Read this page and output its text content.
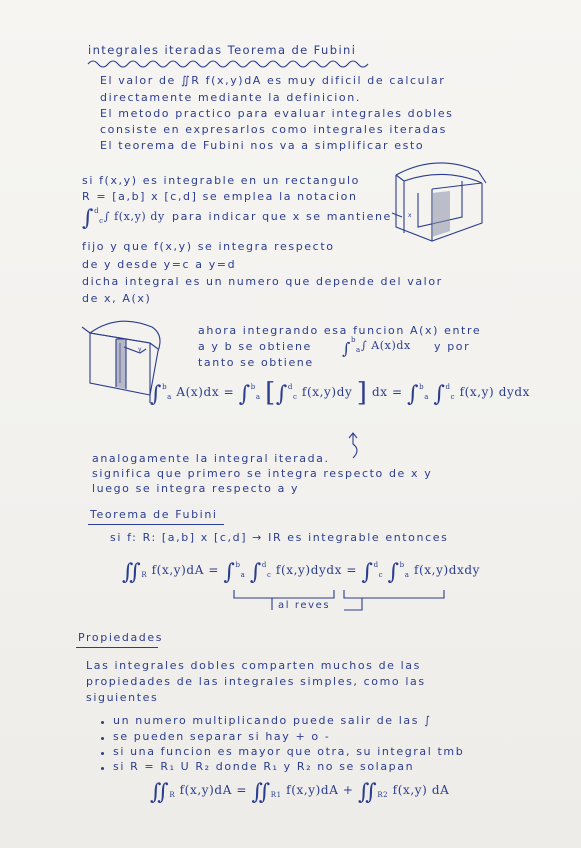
integrales iteradas Teorema de Fubini
El valor de ∬R f(x,y)dA es muy dificil de calcular
directamente mediante la definicion.
El metodo practico para evaluar integrales dobles
consiste en expresarlos como integrales iteradas
El teorema de Fubini nos va a simplificar esto
si f(x,y) es integrable en un rectangulo
R = [a,b] x [c,d] se emplea la notacion
∫$^d_c$∫ f(x,y) dy para indicar que x se mantiene
fijo y que f(x,y) se integra respecto
de y desde y=c a y=d
dicha integral es un numero que depende del valor
de x, A(x)
x
y
ahora integrando esa funcion A(x) entre
a y b se obtiene ∫$^b_a$∫ A(x)dx y por
tanto se obtiene
∫$^b_a$ A(x)dx = ∫$^b_a$ [∫$^d_c$ f(x,y)dy ] dx = ∫$^b_a$ ∫$^d_c$ f(x,y) dydx
analogamente la integral iterada.
significa que primero se integra respecto de x y
luego se integra respecto a y
Teorema de Fubini
si f: R: [a,b] x [c,d] → IR es integrable entonces
$∬_R$ f(x,y)dA = ∫$^b_a$ ∫$^d_c$ f(x,y)dydx = ∫$^d_c$ ∫$^b_a$ f(x,y)dxdy
al reves
Propiedades
Las integrales dobles comparten muchos de las
propiedades de las integrales simples, como las
siguientes
un numero multiplicando puede salir de las ∫
se pueden separar si hay + o -
si una funcion es mayor que otra, su integral tmb
si R = R₁ U R₂ donde R₁ y R₂ no se solapan
$∬_R$ $f(x,y)dA = ∬_{R1}$ $f(x,y)dA + ∬_{R2}$ f(x,y) dA
